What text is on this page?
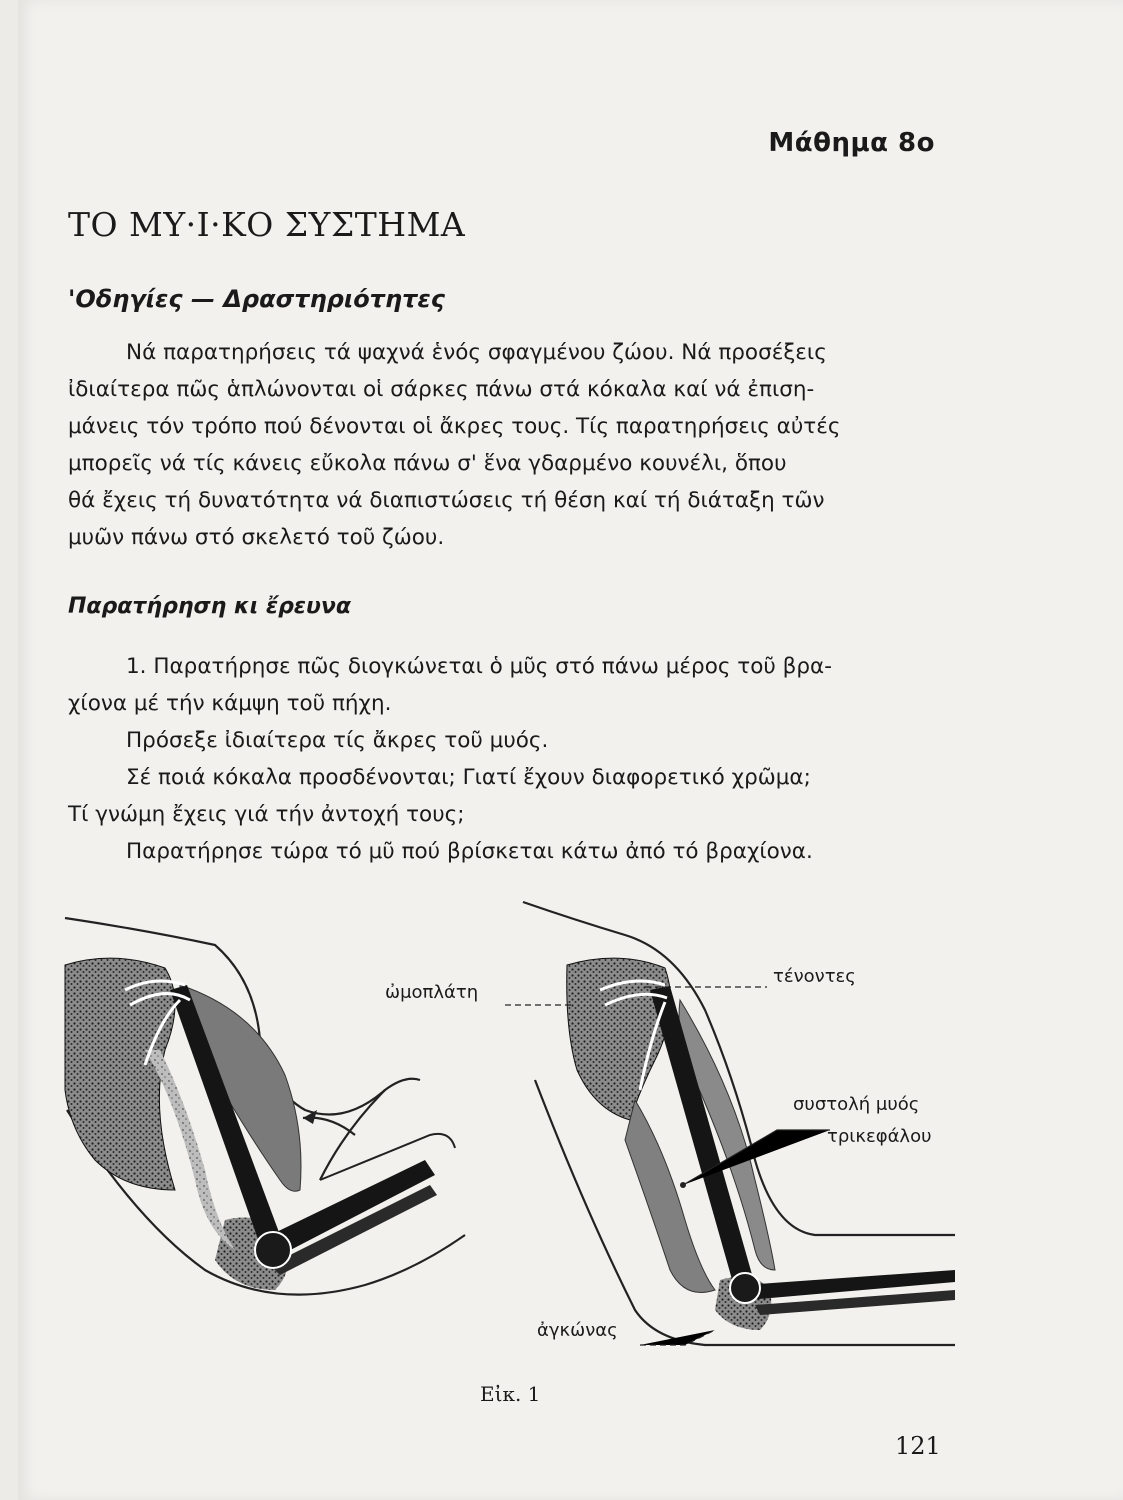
Μάθημα 8ο
ΤΟ ΜΥ·Ι·ΚΟ ΣΥΣΤΗΜΑ
'Οδηγίες — Δραστηριότητες

Νά παρατηρήσεις τά ψαχνά ἑνός σφαγμένου ζώου. Νά προσέξεις

ἰδιαίτερα πῶς ἁπλώνονται οἱ σάρκες πάνω στά κόκαλα καί νά ἐπιση-

μάνεις τόν τρόπο πού δένονται οἱ ἄκρες τους. Τίς παρατηρήσεις αὐτές

μπορεῖς νά τίς κάνεις εὔκολα πάνω σ' ἕνα γδαρμένο κουνέλι, ὅπου

θά ἔχεις τή δυνατότητα νά διαπιστώσεις τή θέση καί τή διάταξη τῶν

μυῶν πάνω στό σκελετό τοῦ ζώου.

Παρατήρηση κι ἔρευνα

1. Παρατήρησε πῶς διογκώνεται ὁ μῦς στό πάνω μέρος τοῦ βρα-

χίονα μέ τήν κάμψη τοῦ πήχη.

Πρόσεξε ἰδιαίτερα τίς ἄκρες τοῦ μυός.

Σέ ποιά κόκαλα προσδένονται; Γιατί ἔχουν διαφορετικό χρῶμα;

Τί γνώμη ἔχεις γιά τήν ἀντοχή τους;

Παρατήρησε τώρα τό μῦ πού βρίσκεται κάτω ἀπό τό βραχίονα.

ὠμοπλάτη
τένοντες
συστολή μυός
τρικεφάλου
ἀγκώνας
Εἰκ. 1
121
